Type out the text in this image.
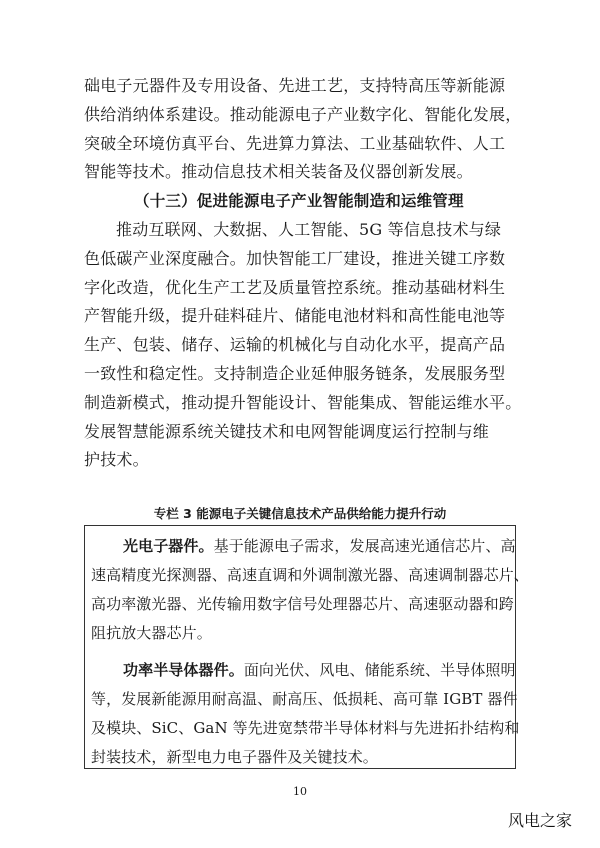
础电子元器件及专用设备、先进工艺，支持特高压等新能源
供给消纳体系建设。推动能源电子产业数字化、智能化发展，
突破全环境仿真平台、先进算力算法、工业基础软件、人工
智能等技术。推动信息技术相关装备及仪器创新发展。
（十三）促进能源电子产业智能制造和运维管理
推动互联网、大数据、人工智能、5G 等信息技术与绿
色低碳产业深度融合。加快智能工厂建设，推进关键工序数
字化改造，优化生产工艺及质量管控系统。推动基础材料生
产智能升级，提升硅料硅片、储能电池材料和高性能电池等
生产、包装、储存、运输的机械化与自动化水平，提高产品
一致性和稳定性。支持制造企业延伸服务链条，发展服务型
制造新模式，推动提升智能设计、智能集成、智能运维水平。
发展智慧能源系统关键技术和电网智能调度运行控制与维
护技术。
专栏 3 能源电子关键信息技术产品供给能力提升行动
光电子器件。基于能源电子需求，发展高速光通信芯片、高
速高精度光探测器、高速直调和外调制激光器、高速调制器芯片、
高功率激光器、光传输用数字信号处理器芯片、高速驱动器和跨
阻抗放大器芯片。
功率半导体器件。面向光伏、风电、储能系统、半导体照明
等，发展新能源用耐高温、耐高压、低损耗、高可靠 IGBT 器件
及模块、SiC、GaN 等先进宽禁带半导体材料与先进拓扑结构和
封装技术，新型电力电子器件及关键技术。
10
风电之家
